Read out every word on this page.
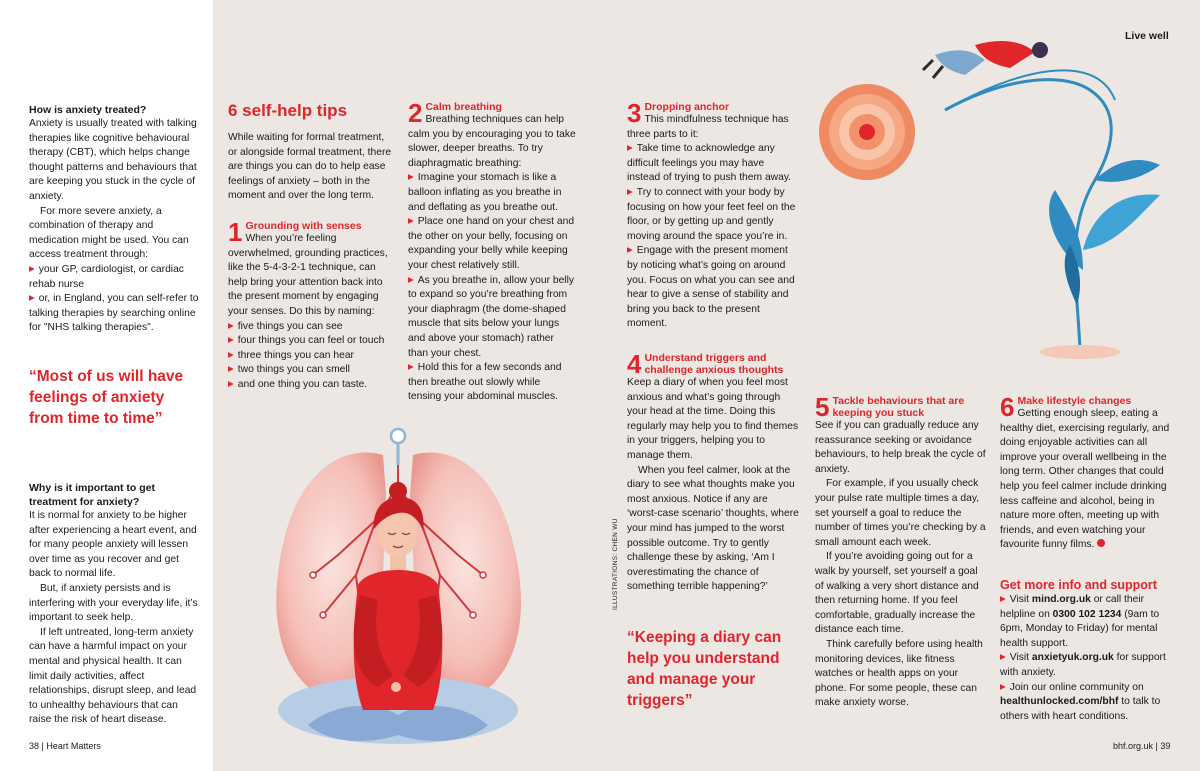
Live well
How is anxiety treated?

Anxiety is usually treated with talking therapies like cognitive behavioural therapy (CBT), which helps change thought patterns and behaviours that are keeping you stuck in the cycle of anxiety.

For more severe anxiety, a combination of therapy and medication might be used. You can access treatment through:

▶ your GP, cardiologist, or cardiac rehab nurse

▶ or, in England, you can self-refer to talking therapies by searching online for "NHS talking therapies".

“Most of us will have feelings of anxiety from time to time”
Why is it important to get treatment for anxiety?

It is normal for anxiety to be higher after experiencing a heart event, and for many people anxiety will lessen over time as you recover and get back to normal life.

But, if anxiety persists and is interfering with your everyday life, it’s important to seek help.

If left untreated, long-term anxiety can have a harmful impact on your mental and physical health. It can limit daily activities, affect relationships, disrupt sleep, and lead to unhealthy behaviours that can raise the risk of heart disease.

6 self-help tips

While waiting for formal treatment, or alongside formal treatment, there are things you can do to help ease feelings of anxiety – both in the moment and over the long term.

1 Grounding with senses

When you’re feeling overwhelmed, grounding practices, like the 5-4-3-2-1 technique, can help bring your attention back into the present moment by engaging your senses. Do this by naming:

▶ five things you can see

▶ four things you can feel or touch

▶ three things you can hear

▶ two things you can smell

▶ and one thing you can taste.

2 Calm breathing

Breathing techniques can help calm you by encouraging you to take slower, deeper breaths. To try diaphragmatic breathing:

▶ Imagine your stomach is like a balloon inflating as you breathe in and deflating as you breathe out.

▶ Place one hand on your chest and the other on your belly, focusing on expanding your belly while keeping your chest relatively still.

▶ As you breathe in, allow your belly to expand so you’re breathing from your diaphragm (the dome-shaped muscle that sits below your lungs and above your stomach) rather than your chest.

▶ Hold this for a few seconds and then breathe out slowly while tensing your abdominal muscles.

3 Dropping anchor

This mindfulness technique has three parts to it:

▶ Take time to acknowledge any difficult feelings you may have instead of trying to push them away.

▶ Try to connect with your body by focusing on how your feet feel on the floor, or by getting up and gently moving around the space you’re in.

▶ Engage with the present moment by noticing what’s going on around you. Focus on what you can see and hear to give a sense of stability and bring you back to the present moment.

4 Understand triggers and challenge anxious thoughts

Keep a diary of when you feel most anxious and what’s going through your head at the time. Doing this regularly may help you to find themes in your triggers, helping you to manage them.

When you feel calmer, look at the diary to see what thoughts make you most anxious. Notice if any are ‘worst-case scenario’ thoughts, where your mind has jumped to the worst possible outcome. Try to gently challenge these by asking, ‘Am I overestimating the chance of something terrible happening?’

ILLUSTRATIONS: CHEN WU
“Keeping a diary can help you understand and manage your triggers”
5 Tackle behaviours that are keeping you stuck

See if you can gradually reduce any reassurance seeking or avoidance behaviours, to help break the cycle of anxiety.

For example, if you usually check your pulse rate multiple times a day, set yourself a goal to reduce the number of times you’re checking by a small amount each week.

If you’re avoiding going out for a walk by yourself, set yourself a goal of walking a very short distance and then returning home. If you feel comfortable, gradually increase the distance each time.

Think carefully before using health monitoring devices, like fitness watches or health apps on your phone. For some people, these can make anxiety worse.

6 Make lifestyle changes

Getting enough sleep, eating a healthy diet, exercising regularly, and doing enjoyable activities can all improve your overall wellbeing in the long term. Other changes that could help you feel calmer include drinking less caffeine and alcohol, being in nature more often, meeting up with friends, and even watching your favourite funny films.

Get more info and support

▶ Visit mind.org.uk or call their helpline on 0300 102 1234 (9am to 6pm, Monday to Friday) for mental health support.

▶ Visit anxietyuk.org.uk for support with anxiety.

▶ Join our online community on healthunlocked.com/bhf to talk to others with heart conditions.

38 | Heart Matters	bhf.org.uk | 39
